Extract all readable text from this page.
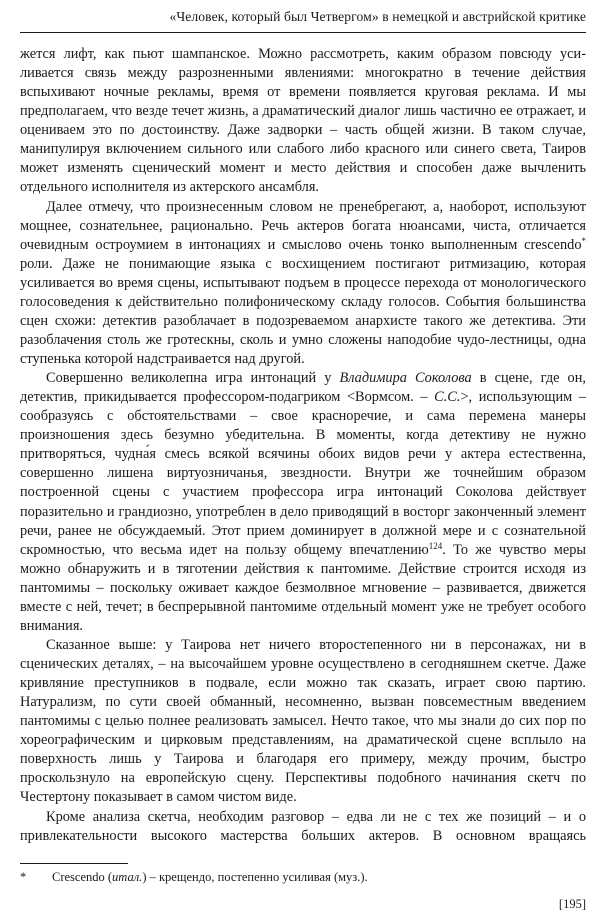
«Человек, который был Четвергом» в немецкой и австрийской критике

жется лифт, как пьют шампанское. Можно рассмотреть, каким образом повсюду усиливается связь между разрозненными явлениями: многократно в течение действия вспыхивают ночные рекламы, время от времени появляется круговая реклама. И мы предполагаем, что везде течет жизнь, а драматический диалог лишь частично ее отражает, и оцениваем это по достоинству. Даже задворки – часть общей жизни. В таком случае, манипулируя включением сильного или слабого либо красного или синего света, Таиров может изменять сценический момент и место действия и способен даже вычленить отдельного исполнителя из актерского ансамбля.

Далее отмечу, что произнесенным словом не пренебрегают, а, наоборот, используют мощнее, сознательнее, рационально. Речь актеров богата нюансами, чиста, отличается очевидным остроумием в интонациях и смыслово очень тонко выполненным crescendo* роли. Даже не понимающие языка с восхищением постигают ритмизацию, которая усиливается во время сцены, испытывают подъем в процессе перехода от монологического голосоведения к действительно полифоническому складу голосов. События большинства сцен схожи: детектив разоблачает в подозреваемом анархисте такого же детектива. Эти разоблачения столь же гротескны, сколь и умно сложены наподобие чудо-лестницы, одна ступенька которой надстраивается над другой.

Совершенно великолепна игра интонаций у Владимира Соколова в сцене, где он, детектив, прикидывается профессором-подагриком <Вормсом. – С.С.>, использующим – сообразуясь с обстоятельствами – свое красноречие, и сама перемена манеры произношения здесь безумно убедительна. В моменты, когда детективу не нужно притворяться, чудна́я смесь всякой всячины обоих видов речи у актера естественна, совершенно лишена виртуозничанья, звездности. Внутри же точнейшим образом построенной сцены с участием профессора игра интонаций Соколова действует поразительно и грандиозно, употреблен в дело приводящий в восторг законченный элемент речи, ранее не обсуждаемый. Этот прием доминирует в должной мере и с сознательной скромностью, что весьма идет на пользу общему впечатлению$^{124}$. То же чувство меры можно обнаружить и в тяготении действия к пантомиме. Действие строится исходя из пантомимы – поскольку оживает каждое безмолвное мгновение – развивается, движется вместе с ней, течет; в беспрерывной пантомиме отдельный момент уже не требует особого внимания.

Сказанное выше: у Таирова нет ничего второстепенного ни в персонажах, ни в сценических деталях, – на высочайшем уровне осуществлено в сегодняшнем скетче. Даже кривляние преступников в подвале, если можно так сказать, играет свою партию. Натурализм, по сути своей обманный, несомненно, вызван повсеместным введением пантомимы с целью полнее реализовать замысел. Нечто такое, что мы знали до сих пор по хореографическим и цирковым представлениям, на драматической сцене всплыло на поверхность лишь у Таирова и благодаря его примеру, между прочим, быстро проскользнуло на европейскую сцену. Перспективы подобного начинания скетч по Честертону показывает в самом чистом виде.

Кроме анализа скетча, необходим разговор – едва ли не с тех же позиций – и о привлекательности высокого мастерства больших актеров. В основном вращаясь

* Crescendo (итал.) – крещендо, постепенно усиливая (муз.).
[195]
